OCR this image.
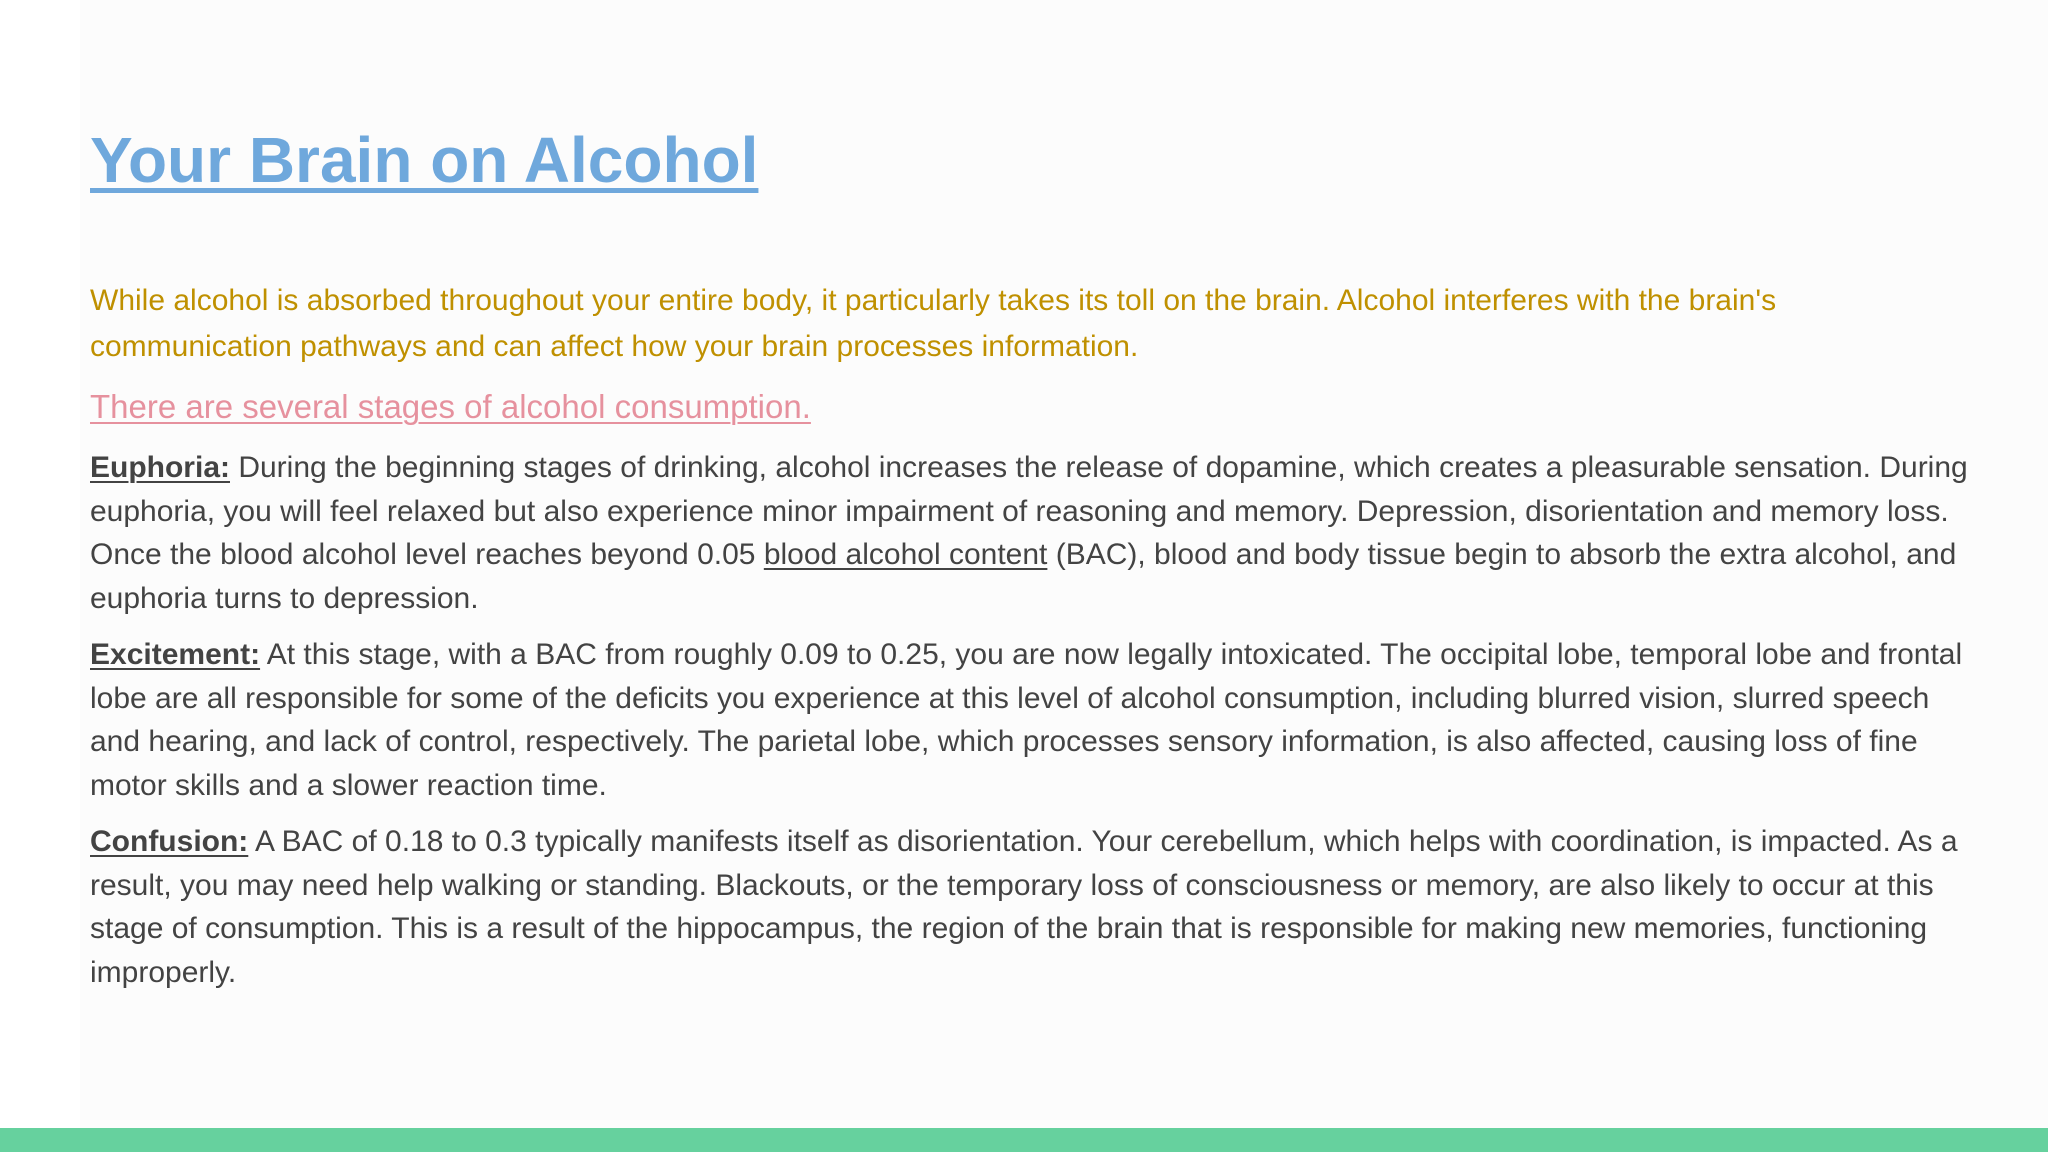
Your Brain on Alcohol

While alcohol is absorbed throughout your entire body, it particularly takes its toll on the brain. Alcohol interferes with the brain's communication pathways and can affect how your brain processes information.

There are several stages of alcohol consumption.

Euphoria: During the beginning stages of drinking, alcohol increases the release of dopamine, which creates a pleasurable sensation. During euphoria, you will feel relaxed but also experience minor impairment of reasoning and memory. Depression, disorientation and memory loss. Once the blood alcohol level reaches beyond 0.05 blood alcohol content (BAC), blood and body tissue begin to absorb the extra alcohol, and euphoria turns to depression.

Excitement: At this stage, with a BAC from roughly 0.09 to 0.25, you are now legally intoxicated. The occipital lobe, temporal lobe and frontal lobe are all responsible for some of the deficits you experience at this level of alcohol consumption, including blurred vision, slurred speech and hearing, and lack of control, respectively. The parietal lobe, which processes sensory information, is also affected, causing loss of fine motor skills and a slower reaction time.

Confusion: A BAC of 0.18 to 0.3 typically manifests itself as disorientation. Your cerebellum, which helps with coordination, is impacted. As a result, you may need help walking or standing. Blackouts, or the temporary loss of consciousness or memory, are also likely to occur at this stage of consumption. This is a result of the hippocampus, the region of the brain that is responsible for making new memories, functioning improperly.
